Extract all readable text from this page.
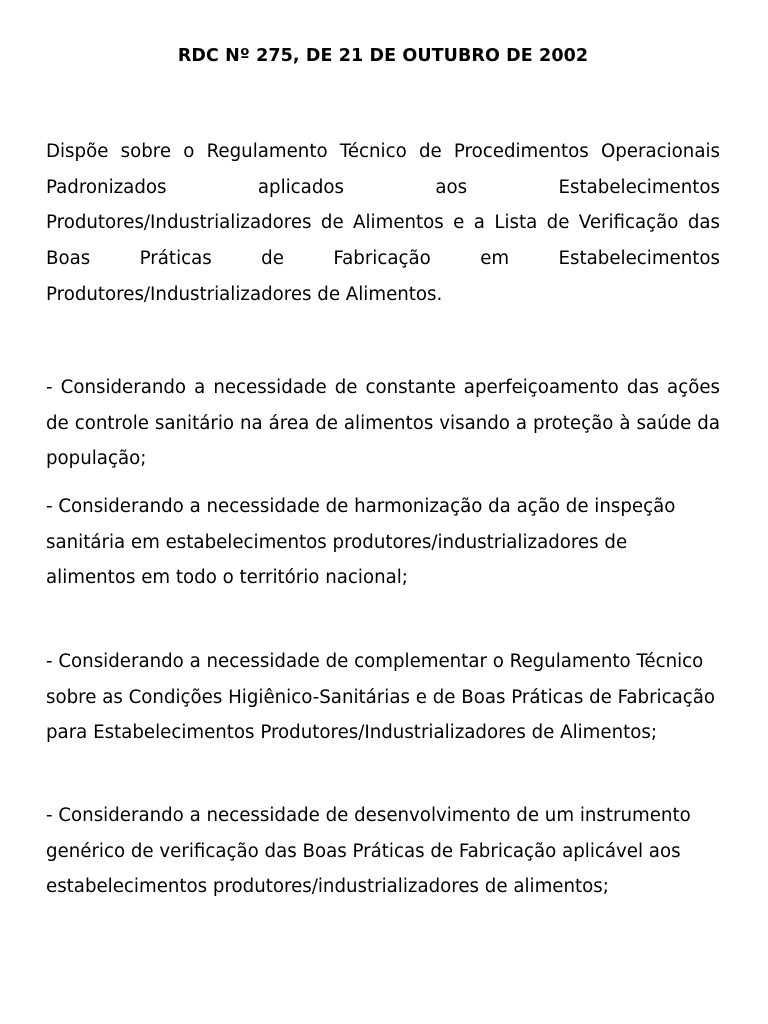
RDC Nº 275, DE 21 DE OUTUBRO DE 2002

Dispõe sobre o Regulamento Técnico de Procedimentos Operacionais Padronizados aplicados aos Estabelecimentos Produtores/Industrializadores de Alimentos e a Lista de Verificação das Boas Práticas de Fabricação em Estabelecimentos Produtores/Industrializadores de Alimentos.

- Considerando a necessidade de constante aperfeiçoamento das ações de controle sanitário na área de alimentos visando a proteção à saúde da população;

- Considerando a necessidade de harmonização da ação de inspeção sanitária em estabelecimentos produtores/industrializadores de alimentos em todo o território nacional;

- Considerando a necessidade de complementar o Regulamento Técnico sobre as Condições Higiênico-Sanitárias e de Boas Práticas de Fabricação para Estabelecimentos Produtores/Industrializadores de Alimentos;

- Considerando a necessidade de desenvolvimento de um instrumento genérico de verificação das Boas Práticas de Fabricação aplicável aos estabelecimentos produtores/industrializadores de alimentos;
